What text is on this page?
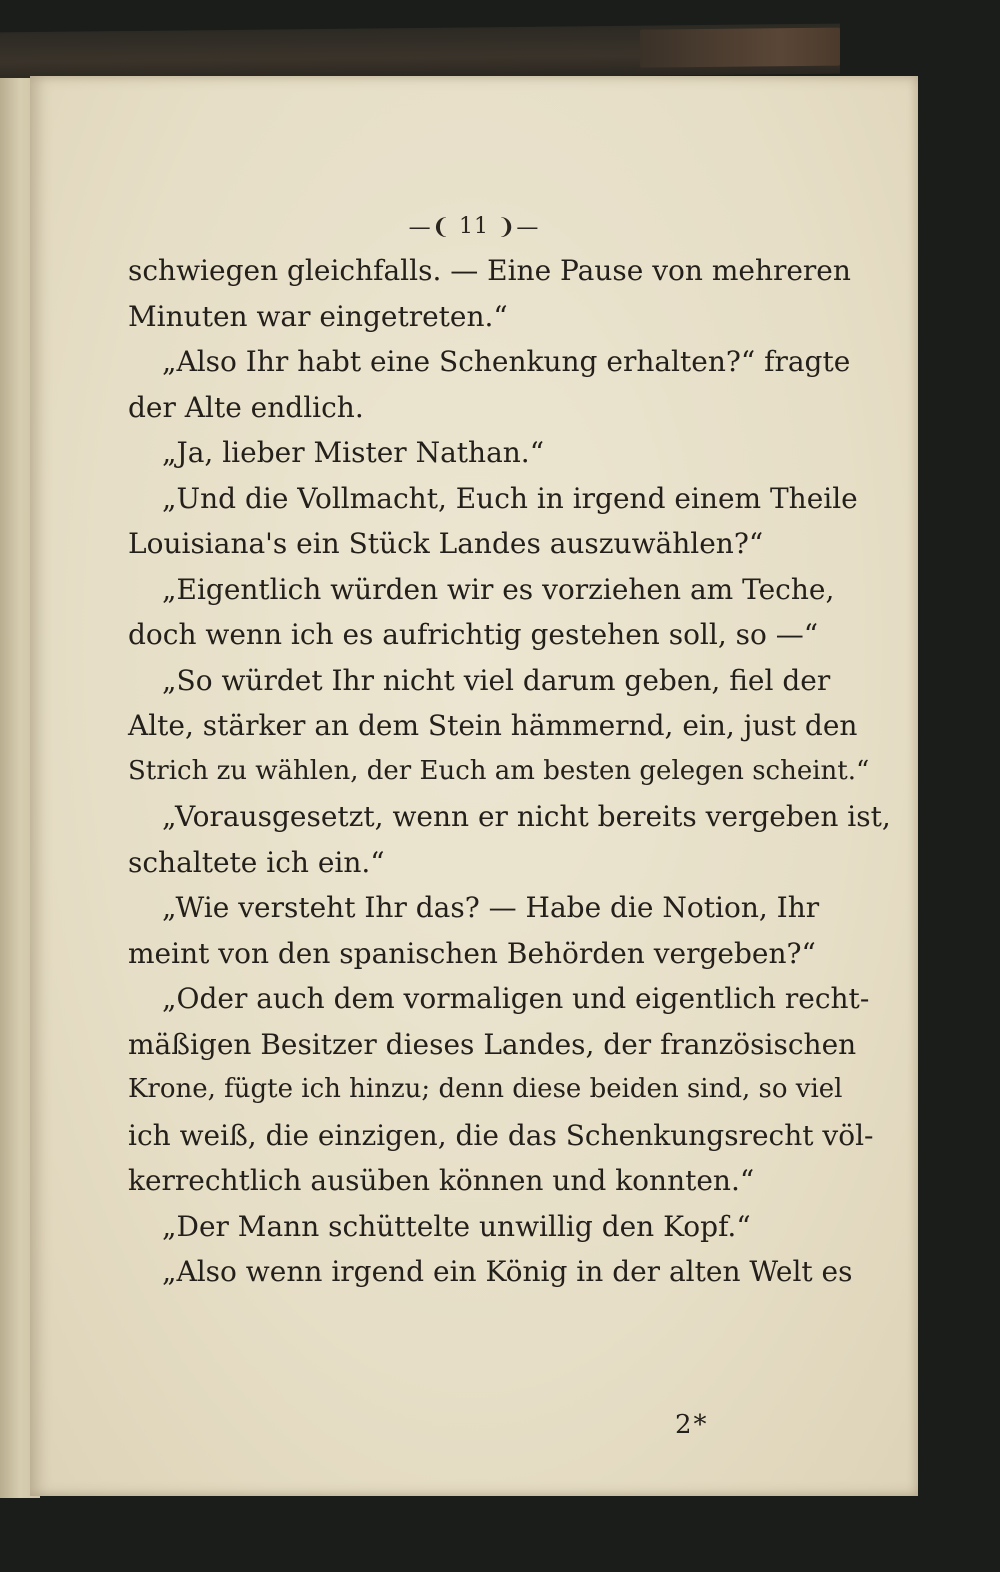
—❨ 11 ❩—
schwiegen gleichfalls. — Eine Pause von mehreren
Minuten war eingetreten.“
„Also Ihr habt eine Schenkung erhalten?“ fragte
der Alte endlich.
„Ja, lieber Mister Nathan.“
„Und die Vollmacht, Euch in irgend einem Theile
Louisiana's ein Stück Landes auszuwählen?“
„Eigentlich würden wir es vorziehen am Teche,
doch wenn ich es aufrichtig gestehen soll, so —“
„So würdet Ihr nicht viel darum geben, fiel der
Alte, stärker an dem Stein hämmernd, ein, just den
Strich zu wählen, der Euch am besten gelegen scheint.“
„Vorausgesetzt, wenn er nicht bereits vergeben ist,
schaltete ich ein.“
„Wie versteht Ihr das? — Habe die Notion, Ihr
meint von den spanischen Behörden vergeben?“
„Oder auch dem vormaligen und eigentlich recht-
mäßigen Besitzer dieses Landes, der französischen
Krone, fügte ich hinzu; denn diese beiden sind, so viel
ich weiß, die einzigen, die das Schenkungsrecht völ-
kerrechtlich ausüben können und konnten.“
„Der Mann schüttelte unwillig den Kopf.“
„Also wenn irgend ein König in der alten Welt es
2*
